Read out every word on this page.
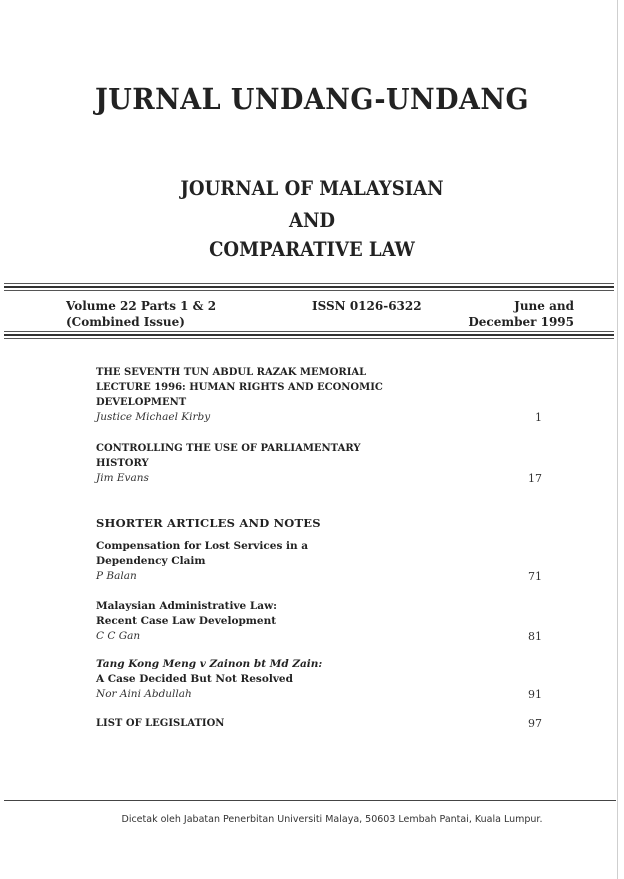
JURNAL UNDANG-UNDANG
JOURNAL OF MALAYSIAN
AND
COMPARATIVE LAW
Volume 22 Parts 1 & 2
(Combined Issue)
ISSN 0126-6322	June and
December 1995
THE SEVENTH TUN ABDUL RAZAK MEMORIAL
LECTURE 1996: HUMAN RIGHTS AND ECONOMIC
DEVELOPMENT
Justice Michael Kirby	1
CONTROLLING THE USE OF PARLIAMENTARY
HISTORY
Jim Evans	17
SHORTER ARTICLES AND NOTES
Compensation for Lost Services in a
Dependency Claim
P Balan	71
Malaysian Administrative Law:
Recent Case Law Development
C C Gan	81
Tang Kong Meng v Zainon bt Md Zain:
A Case Decided But Not Resolved
Nor Aini Abdullah	91
LIST OF LEGISLATION	97
Dicetak oleh Jabatan Penerbitan Universiti Malaya, 50603 Lembah Pantai, Kuala Lumpur.
